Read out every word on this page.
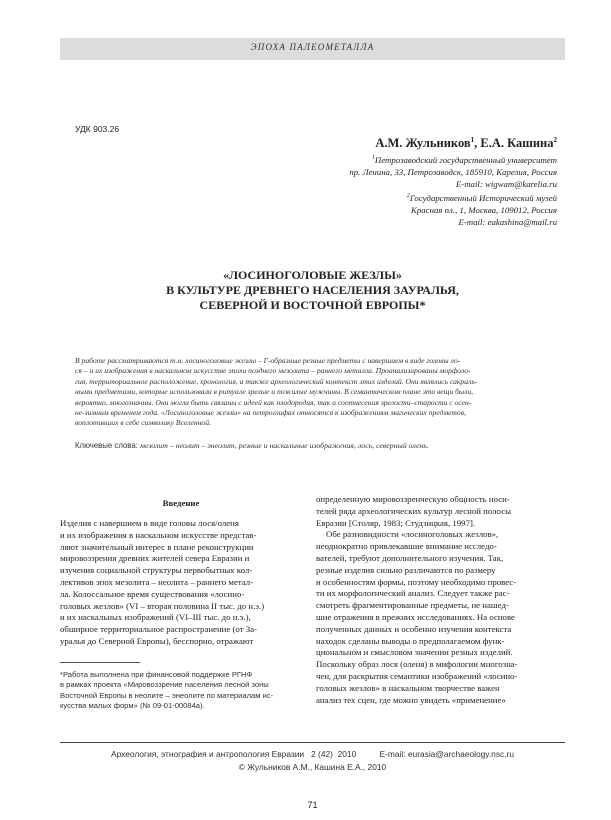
ЭПОХА ПАЛЕОМЕТАЛЛА
УДК 903.26
А.М. Жульников$^1$, Е.А. Кашина$^2$
$^1$Петрозаводский государственный университет
пр. Ленина, 33, Петрозаводск, 185910, Карелия, Россия
E-mail: wigwam@karelia.ru
$^2$Государственный Исторический музей
Красная пл., 1, Москва, 109012, Россия
E-mail: eakashina@mail.ru
«ЛОСИНОГОЛОВЫЕ ЖЕЗЛЫ»
В КУЛЬТУРЕ ДРЕВНЕГО НАСЕЛЕНИЯ ЗАУРАЛЬЯ,
СЕВЕРНОЙ И ВОСТОЧНОЙ ЕВРОПЫ*
В работе рассматриваются т.н. лосиноголовые жезлы – Г-образные резные предметы с навершием в виде головы ло-
ся – и их изображения в наскальном искусстве эпохи позднего мезолита – раннего металла. Проанализированы морфоло-
гия, территориальное расположение, хронология, а также археологический контекст этих изделий. Они являлись сакраль-
ными предметами, которые использовали в ритуале зрелые и пожилые мужчины. В семантическом плане эти вещи были,
вероятно, многозначны. Они могли быть связаны с идеей как плодородия, так и соотнесения зрелости–старости с осен-
не-зимним временем года. «Лосиноголовые жезлы» на петроглифах относятся к изображениям магических предметов,
воплотивших в себе символику Вселенной.
Ключевые слова: мезолит – неолит – энеолит, резные и наскальные изображения, лось, северный олень.
Введение
Изделия с навершием в виде головы лося/оленя
и их изображения в наскальном искусстве представ-
ляют значительный интерес в плане реконструкции
мировоззрения древних жителей севера Евразии и
изучения социальной структуры первобытных кол-
лективов эпох мезолита – неолита – раннего метал-
ла. Колоссальное время существования «лосино-
головых жезлов» (VI – вторая половина II тыс. до н.э.)
и их наскальных изображений (VI–III тыс. до н.э.),
обширное территориальное распространение (от За-
уралья до Северной Европы), бесспорно, отражают
определенную мировоззренческую общность носи-
телей ряда археологических культур лесной полосы
Евразии [Столяр, 1983; Студзицкая, 1997].
Обе разновидности «лосиноголовых жезлов»,
неоднократно привлекавшие внимание исследо-
вателей, требуют дополнительного изучения. Так,
резные изделия сильно различаются по размеру
и особенностям формы, поэтому необходимо провес-
ти их морфологический анализ. Следует также рас-
смотреть фрагментированные предметы, не нашед-
шие отражения в прежних исследованиях. На основе
полученных данных и особенно изучения контекста
находок сделаны выводы о предполагаемом функ-
циональном и смысловом значении резных изделий.
Поскольку образ лося (оленя) в мифологии многозна-
чен, для раскрытия семантики изображений «лосино-
головых жезлов» в наскальном творчестве важен
анализ тех сцен, где можно увидеть «применение»
*Работа выполнена при финансовой поддержке РГНФ
в рамках проекта «Мировоззрение населения лесной зоны
Восточной Европы в неолите – энеолите по материалам ис-
кусства малых форм» (№ 09-01-00084а).
Археология, этнография и антропология Евразии   2 (42)  2010          E-mail: eurasia@archaeology.nsc.ru
© Жульников А.М., Кашина Е.А., 2010
71
